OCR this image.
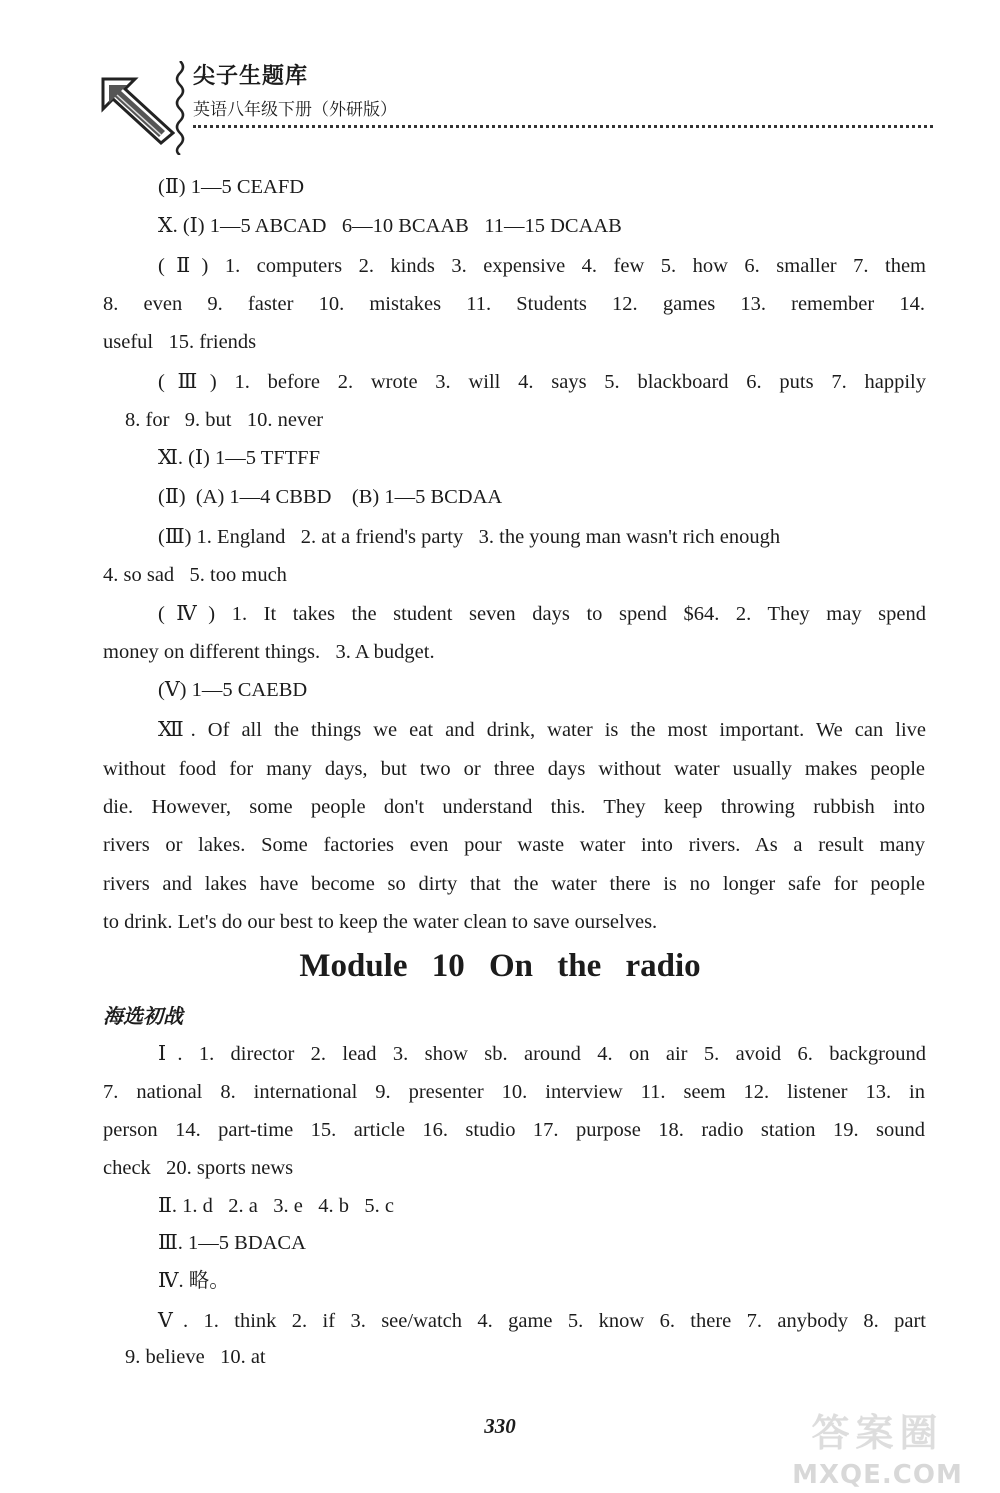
尖子生题库
英语八年级下册（外研版）
(Ⅱ) 1—5 CEAFD
Ⅹ. (Ⅰ) 1—5 ABCAD   6—10 BCAAB   11—15 DCAAB
(Ⅱ) 1. computers 2. kinds 3. expensive 4. few 5. how 6. smaller 7. them
8. even 9. faster 10. mistakes 11. Students 12. games 13. remember 14.
useful   15. friends
(Ⅲ) 1. before 2. wrote 3. will 4. says 5. blackboard 6. puts 7. happily
8. for   9. but   10. never
Ⅺ. (Ⅰ) 1—5 TFTFF
(Ⅱ)  (A) 1—4 CBBD    (B) 1—5 BCDAA
(Ⅲ) 1. England   2. at a friend's party   3. the young man wasn't rich enough
4. so sad   5. too much
(Ⅳ) 1. It takes the student seven days to spend $64. 2. They may spend
money on different things.   3. A budget.
(Ⅴ) 1—5 CAEBD
Ⅻ. Of all the things we eat and drink, water is the most important. We can live
without food for many days, but two or three days without water usually makes people
die. However, some people don't understand this. They keep throwing rubbish into
rivers or lakes. Some factories even pour waste water into rivers. As a result many
rivers and lakes have become so dirty that the water there is no longer safe for people
to drink. Let's do our best to keep the water clean to save ourselves.
Module 10 On the radio
海选初战
Ⅰ. 1. director 2. lead 3. show sb. around 4. on air 5. avoid 6. background
7. national 8. international 9. presenter 10. interview 11. seem 12. listener 13. in
person 14. part-time 15. article 16. studio 17. purpose 18. radio station 19. sound
check   20. sports news
Ⅱ. 1. d   2. a   3. e   4. b   5. c
Ⅲ. 1—5 BDACA
Ⅳ. 略。
Ⅴ. 1. think 2. if 3. see/watch 4. game 5. know 6. there 7. anybody 8. part
9. believe   10. at
330	答案圈
MXQE.COM
